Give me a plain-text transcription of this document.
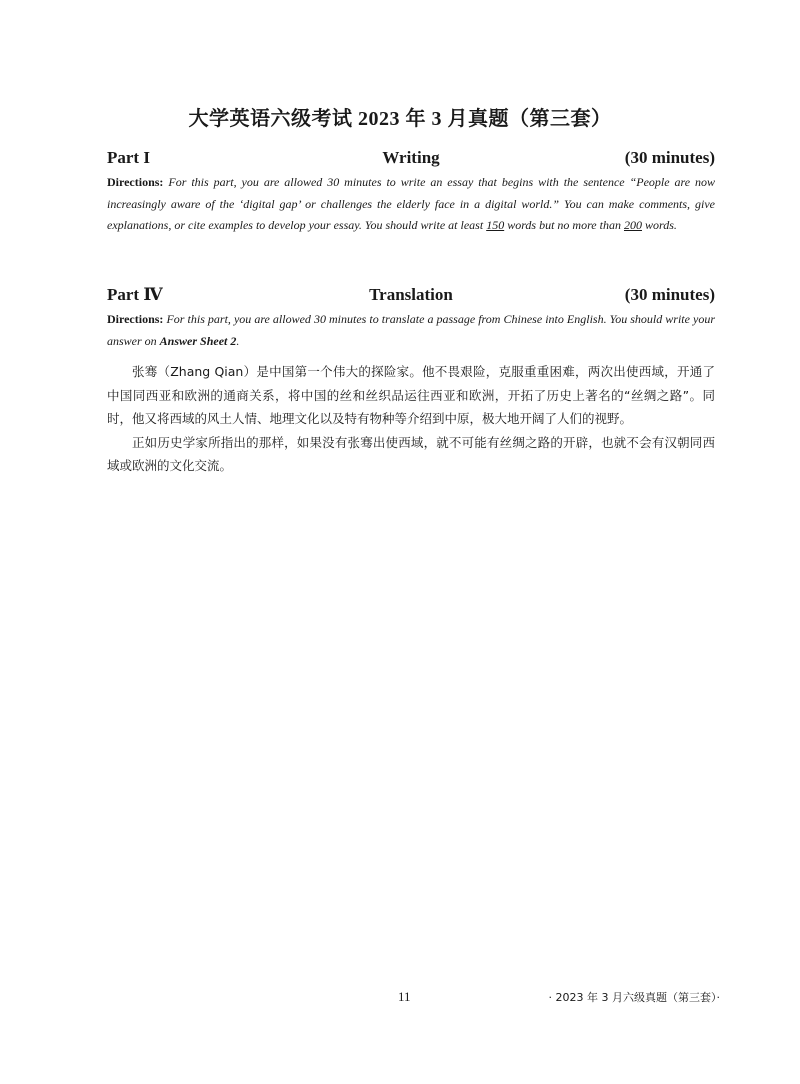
大学英语六级考试 2023 年 3 月真题（第三套）
Part I	Writing	(30 minutes)

Directions: For this part, you are allowed 30 minutes to write an essay that begins with the sentence “People are now increasingly aware of the ‘digital gap’ or challenges the elderly face in a digital world.” You can make comments, give explanations, or cite examples to develop your essay. You should write at least 150 words but no more than 200 words.

Part Ⅳ	Translation	(30 minutes)

Directions: For this part, you are allowed 30 minutes to translate a passage from Chinese into English. You should write your answer on Answer Sheet 2.

张骞（Zhang Qian）是中国第一个伟大的探险家。他不畏艰险，克服重重困难，两次出使西域，开通了中国同西亚和欧洲的通商关系，将中国的丝和丝织品运往西亚和欧洲，开拓了历史上著名的“丝绸之路”。同时，他又将西域的风土人情、地理文化以及特有物种等介绍到中原，极大地开阔了人们的视野。

正如历史学家所指出的那样，如果没有张骞出使西域，就不可能有丝绸之路的开辟，也就不会有汉朝同西域或欧洲的文化交流。

11	· 2023 年 3 月六级真题（第三套）·
